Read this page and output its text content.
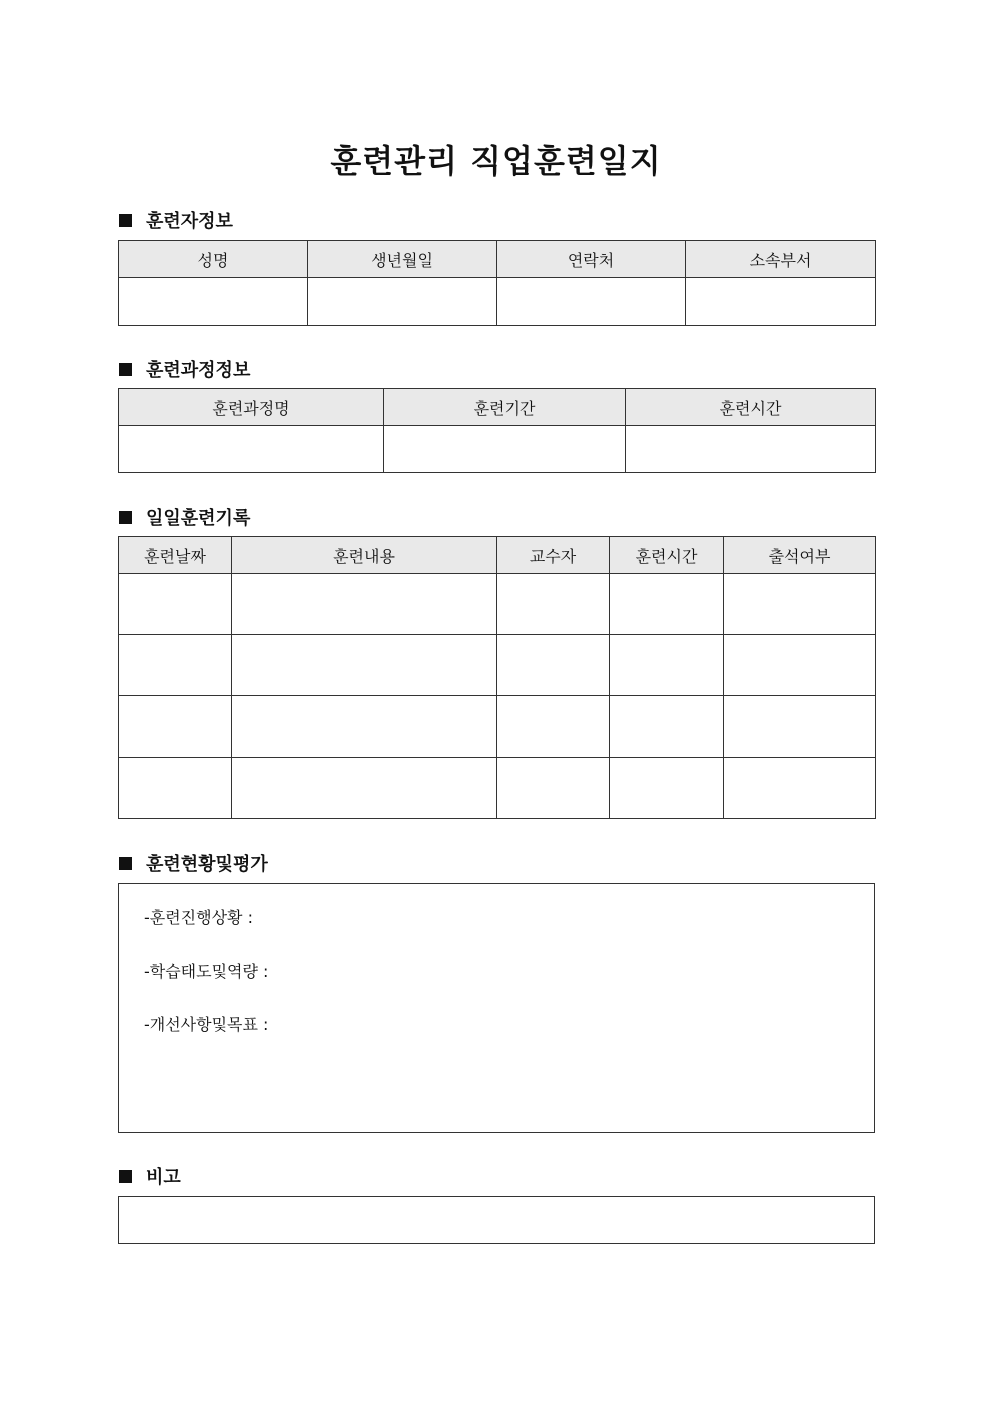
훈련관리 직업훈련일지
훈련자정보
성명	생년월일	연락처	소속부서

훈련과정정보
훈련과정명	훈련기간	훈련시간

일일훈련기록
훈련날짜	훈련내용	교수자	훈련시간	출석여부

훈련현황및평가
-훈련진행상황 :
-학습태도및역량 :
-개선사항및목표 :
비고
